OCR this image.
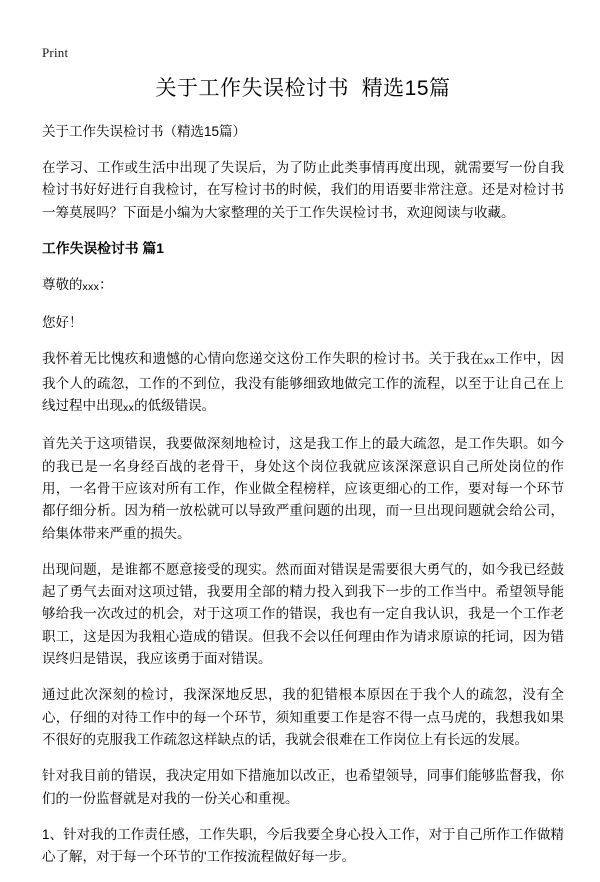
Print
关于工作失误检讨书  精选15篇
关于工作失误检讨书（精选15篇）

在学习、工作或生活中出现了失误后，为了防止此类事情再度出现，就需要写一份自我检讨书好好进行自我检讨，在写检讨书的时候，我们的用语要非常注意。还是对检讨书一筹莫展吗？下面是小编为大家整理的关于工作失误检讨书，欢迎阅读与收藏。

工作失误检讨书 篇1

尊敬的xxx：

您好！

我怀着无比愧疚和遗憾的心情向您递交这份工作失职的检讨书。关于我在xx工作中，因我个人的疏忽，工作的不到位，我没有能够细致地做完工作的流程，以至于让自己在上线过程中出现xx的低级错误。

首先关于这项错误，我要做深刻地检讨，这是我工作上的最大疏忽，是工作失职。如今的我已是一名身经百战的老骨干，身处这个岗位我就应该深深意识自己所处岗位的作用，一名骨干应该对所有工作，作业做全程榜样，应该更细心的工作，要对每一个环节都仔细分析。因为稍一放松就可以导致严重问题的出现，而一旦出现问题就会给公司，给集体带来严重的损失。

出现问题，是谁都不愿意接受的现实。然而面对错误是需要很大勇气的，如今我已经鼓起了勇气去面对这项过错，我要用全部的精力投入到我下一步的工作当中。希望领导能够给我一次改过的机会，对于这项工作的错误，我也有一定自我认识，我是一个工作老职工，这是因为我粗心造成的错误。但我不会以任何理由作为请求原谅的托词，因为错误终归是错误，我应该勇于面对错误。

通过此次深刻的检讨，我深深地反思，我的犯错根本原因在于我个人的疏忽，没有全心，仔细的对待工作中的每一个环节，须知重要工作是容不得一点马虎的，我想我如果不很好的克服我工作疏忽这样缺点的话，我就会很难在工作岗位上有长远的发展。

针对我目前的错误，我决定用如下措施加以改正，也希望领导，同事们能够监督我，你们的一份监督就是对我的一份关心和重视。

1、针对我的工作责任感，工作失职，今后我要全身心投入工作，对于自己所作工作做精心了解，对于每一个环节的'工作按流程做好每一步。
